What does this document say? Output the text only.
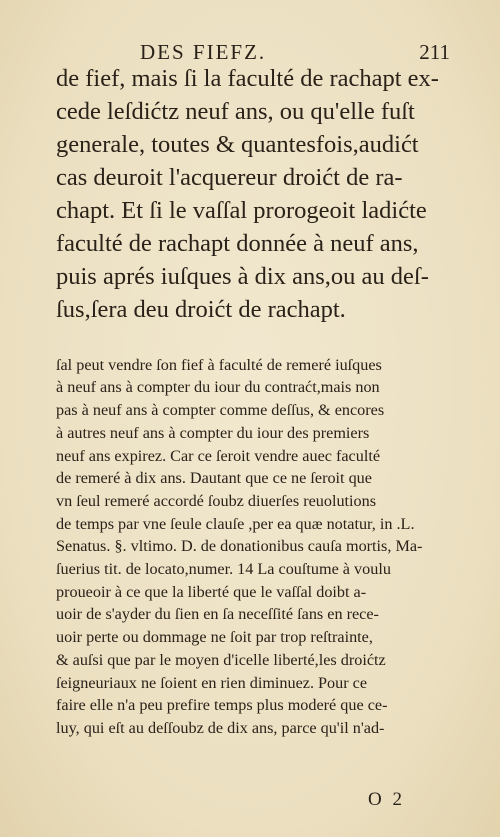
DES FIEFZ.	211
de fief, mais ſi la faculté de rachapt ex-
cede leſdićtz neuf ans, ou qu'elle fuſt
generale, toutes & quantesfois,audićt
cas deuroit l'acquereur droićt de ra-
chapt. Et ſi le vaſſal prorogeoit ladićte
faculté de rachapt donnée à neuf ans,
puis aprés iuſques à dix ans,ou au deſ-
ſus,ſera deu droićt de rachapt.
ſal peut vendre ſon fief à faculté de remeré iuſques
à neuf ans à compter du iour du contraćt,mais non
pas à neuf ans à compter comme deſſus, & encores
à autres neuf ans à compter du iour des premiers
neuf ans expirez. Car ce ſeroit vendre auec faculté
de remeré à dix ans. Dautant que ce ne ſeroit que
vn ſeul remeré accordé ſoubz diuerſes reuolutions
de temps par vne ſeule clauſe ,per ea quæ notatur, in .L.
Senatus. §. vltimo. D. de donationibus cauſa mortis, Ma-
ſuerius tit. de locato,numer. 14 La couſtume à voulu
proueoir à ce que la liberté que le vaſſal doibt a-
uoir de s'ayder du ſien en ſa neceſſité ſans en rece-
uoir perte ou dommage ne ſoit par trop reſtrainte,
& auſsi que par le moyen d'icelle liberté,les droićtz
ſeigneuriaux ne ſoient en rien diminuez. Pour ce
faire elle n'a peu prefire temps plus moderé que ce-
luy, qui eſt au deſſoubz de dix ans, parce qu'il n'ad-
O 2
